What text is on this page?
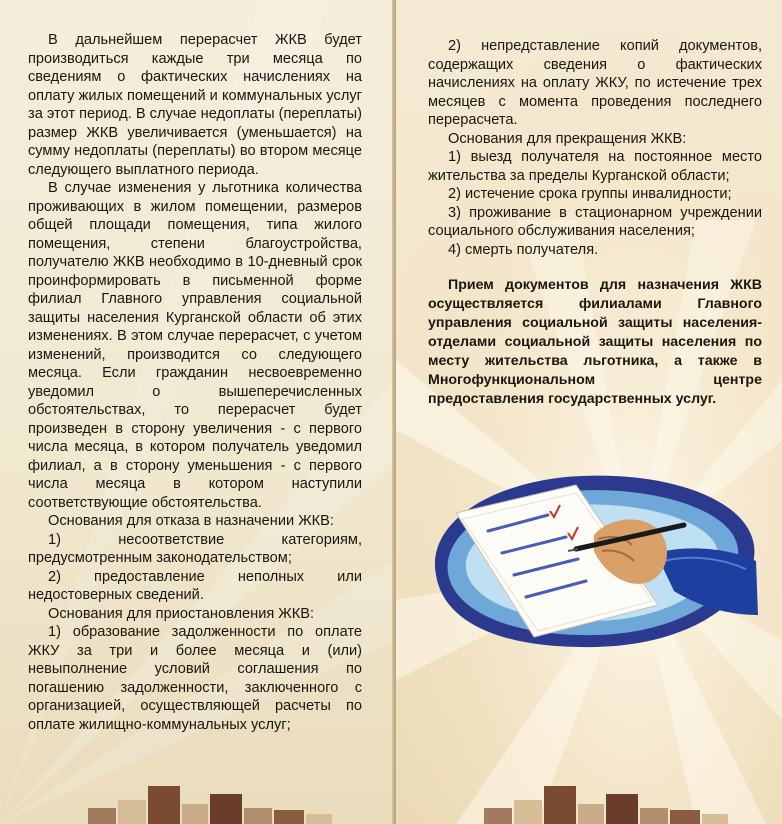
В дальнейшем перерасчет ЖКВ будет производиться каждые три месяца по сведениям о фактических начислениях на оплату жилых помещений и коммунальных услуг за этот период. В случае недоплаты (переплаты) размер ЖКВ увеличивается (уменьшается) на сумму недоплаты (переплаты) во втором месяце следующего выплатного периода.

В случае изменения у льготника количества проживающих в жилом помещении, размеров общей площади помещения, типа жилого помещения, степени благоустройства, получателю ЖКВ необходимо в 10-дневный срок проинформировать в письменной форме филиал Главного управления социальной защиты населения Курганской области об этих изменениях. В этом случае перерасчет, с учетом изменений, производится со следующего месяца. Если гражданин несвоевременно уведомил о вышеперечисленных обстоятельствах, то перерасчет будет произведен в сторону увеличения - с первого числа месяца, в котором получатель уведомил филиал, а в сторону уменьшения - с первого числа месяца в котором наступили соответствующие обстоятельства.

Основания для отказа в назначении ЖКВ:

1) несоответствие категориям, предусмотренным законодательством;

2) предоставление неполных или недостоверных сведений.

Основания для приостановления ЖКВ:

1) образование задолженности по оплате ЖКУ за три и более месяца и (или) невыполнение условий соглашения по погашению задолженности, заключенного с организацией, осуществляющей расчеты по оплате жилищно-коммунальных услуг;

2) непредставление копий документов, содержащих сведения о фактических начислениях на оплату ЖКУ, по истечение трех месяцев с момента проведения последнего перерасчета.

Основания для прекращения ЖКВ:

1) выезд получателя на постоянное место жительства за пределы Курганской области;

2) истечение срока группы инвалидности;

3) проживание в стационарном учреждении социального обслуживания населения;

4) смерть получателя.

Прием документов для назначения ЖКВ осуществляется филиалами Главного управления социальной защиты населения-отделами социальной защиты населения по месту жительства льготника, а также в Многофункциональном центре предоставления государственных услуг.
